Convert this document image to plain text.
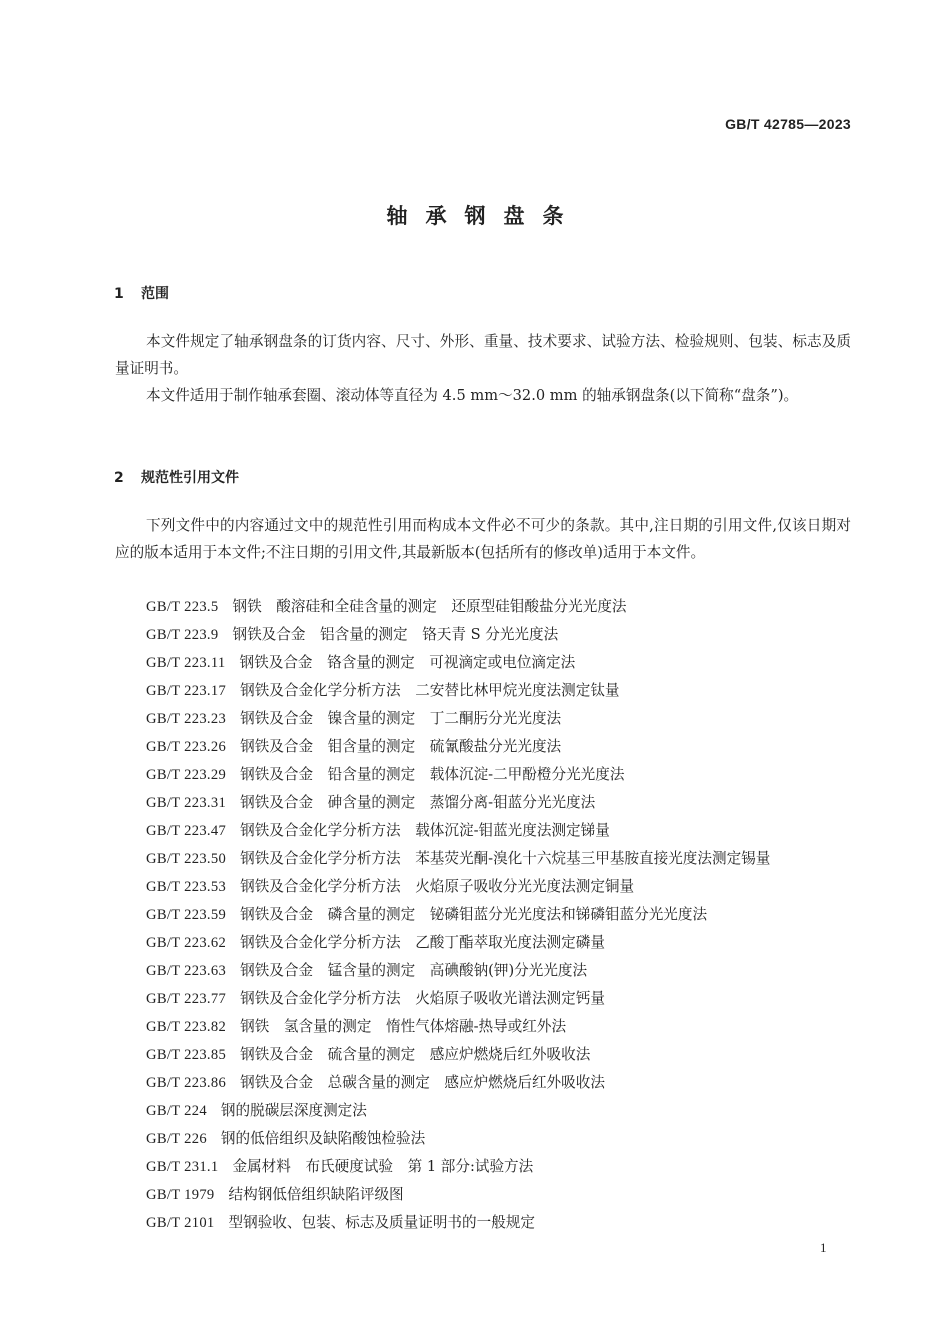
GB/T 42785—2023
轴承钢盘条
1 范围

本文件规定了轴承钢盘条的订货内容、尺寸、外形、重量、技术要求、试验方法、检验规则、包装、标志及质量证明书。

本文件适用于制作轴承套圈、滚动体等直径为 4.5 mm～32.0 mm 的轴承钢盘条(以下简称“盘条”)。

2 规范性引用文件

下列文件中的内容通过文中的规范性引用而构成本文件必不可少的条款。其中,注日期的引用文件,仅该日期对应的版本适用于本文件;不注日期的引用文件,其最新版本(包括所有的修改单)适用于本文件。

GB/T 223.5 钢铁　酸溶硅和全硅含量的测定　还原型硅钼酸盐分光光度法
GB/T 223.9 钢铁及合金　铝含量的测定　铬天青 S 分光光度法
GB/T 223.11 钢铁及合金　铬含量的测定　可视滴定或电位滴定法
GB/T 223.17 钢铁及合金化学分析方法　二安替比林甲烷光度法测定钛量
GB/T 223.23 钢铁及合金　镍含量的测定　丁二酮肟分光光度法
GB/T 223.26 钢铁及合金　钼含量的测定　硫氰酸盐分光光度法
GB/T 223.29 钢铁及合金　铅含量的测定　载体沉淀-二甲酚橙分光光度法
GB/T 223.31 钢铁及合金　砷含量的测定　蒸馏分离-钼蓝分光光度法
GB/T 223.47 钢铁及合金化学分析方法　载体沉淀-钼蓝光度法测定锑量
GB/T 223.50 钢铁及合金化学分析方法　苯基荧光酮-溴化十六烷基三甲基胺直接光度法测定锡量
GB/T 223.53 钢铁及合金化学分析方法　火焰原子吸收分光光度法测定铜量
GB/T 223.59 钢铁及合金　磷含量的测定　铋磷钼蓝分光光度法和锑磷钼蓝分光光度法
GB/T 223.62 钢铁及合金化学分析方法　乙酸丁酯萃取光度法测定磷量
GB/T 223.63 钢铁及合金　锰含量的测定　高碘酸钠(钾)分光光度法
GB/T 223.77 钢铁及合金化学分析方法　火焰原子吸收光谱法测定钙量
GB/T 223.82 钢铁　氢含量的测定　惰性气体熔融-热导或红外法
GB/T 223.85 钢铁及合金　硫含量的测定　感应炉燃烧后红外吸收法
GB/T 223.86 钢铁及合金　总碳含量的测定　感应炉燃烧后红外吸收法
GB/T 224 钢的脱碳层深度测定法
GB/T 226 钢的低倍组织及缺陷酸蚀检验法
GB/T 231.1 金属材料　布氏硬度试验　第 1 部分:试验方法
GB/T 1979 结构钢低倍组织缺陷评级图
GB/T 2101 型钢验收、包装、标志及质量证明书的一般规定
1
